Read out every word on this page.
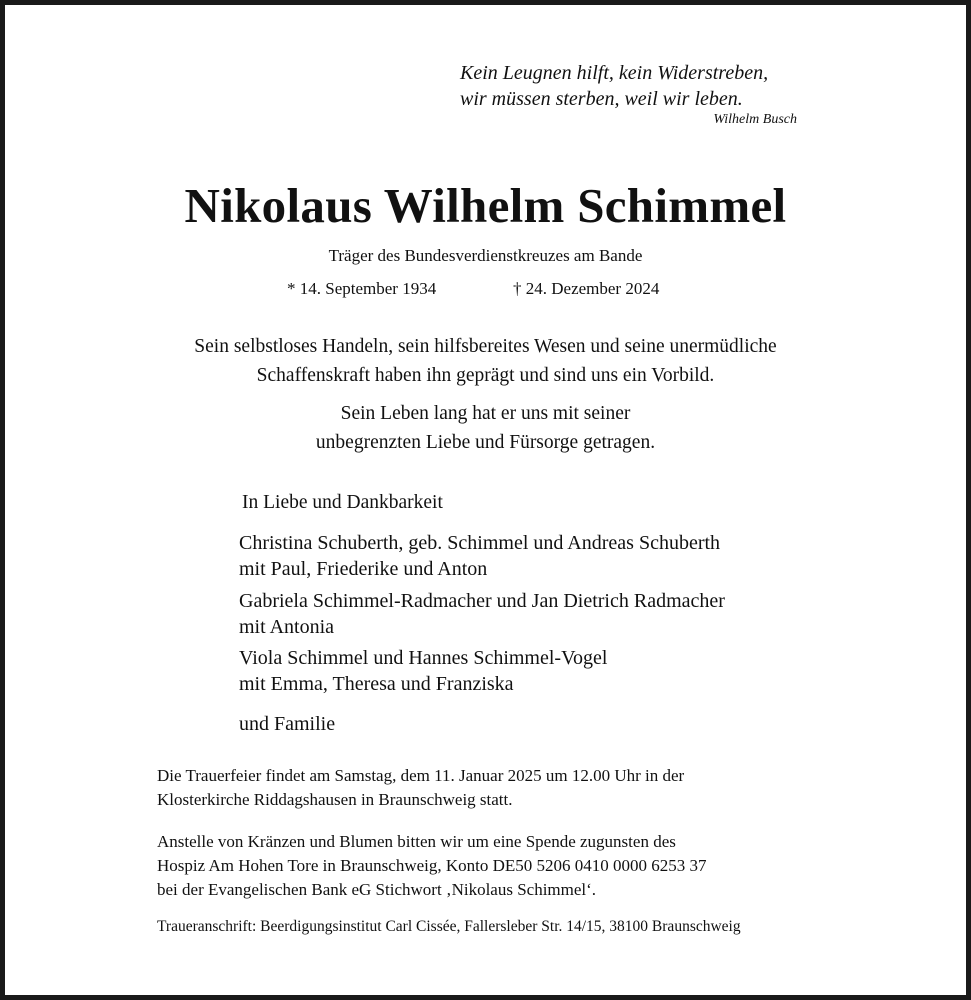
Kein Leugnen hilft, kein Widerstreben,
wir müssen sterben, weil wir leben.
Wilhelm Busch
Nikolaus Wilhelm Schimmel
Träger des Bundesverdienstkreuzes am Bande
* 14. September 1934	† 24. Dezember 2024
Sein selbstloses Handeln, sein hilfsbereites Wesen und seine unermüdliche
Schaffenskraft haben ihn geprägt und sind uns ein Vorbild.
Sein Leben lang hat er uns mit seiner
unbegrenzten Liebe und Fürsorge getragen.
In Liebe und Dankbarkeit
Christina Schuberth, geb. Schimmel und Andreas Schuberth
mit Paul, Friederike und Anton
Gabriela Schimmel-Radmacher und Jan Dietrich Radmacher
mit Antonia
Viola Schimmel und Hannes Schimmel-Vogel
mit Emma, Theresa und Franziska
und Familie
Die Trauerfeier findet am Samstag, dem 11. Januar 2025 um 12.00 Uhr in der
Klosterkirche Riddagshausen in Braunschweig statt.
Anstelle von Kränzen und Blumen bitten wir um eine Spende zugunsten des
Hospiz Am Hohen Tore in Braunschweig, Konto DE50 5206 0410 0000 6253 37
bei der Evangelischen Bank eG Stichwort ‚Nikolaus Schimmel‘.
Traueranschrift: Beerdigungsinstitut Carl Cissée, Fallersleber Str. 14/15, 38100 Braunschweig
